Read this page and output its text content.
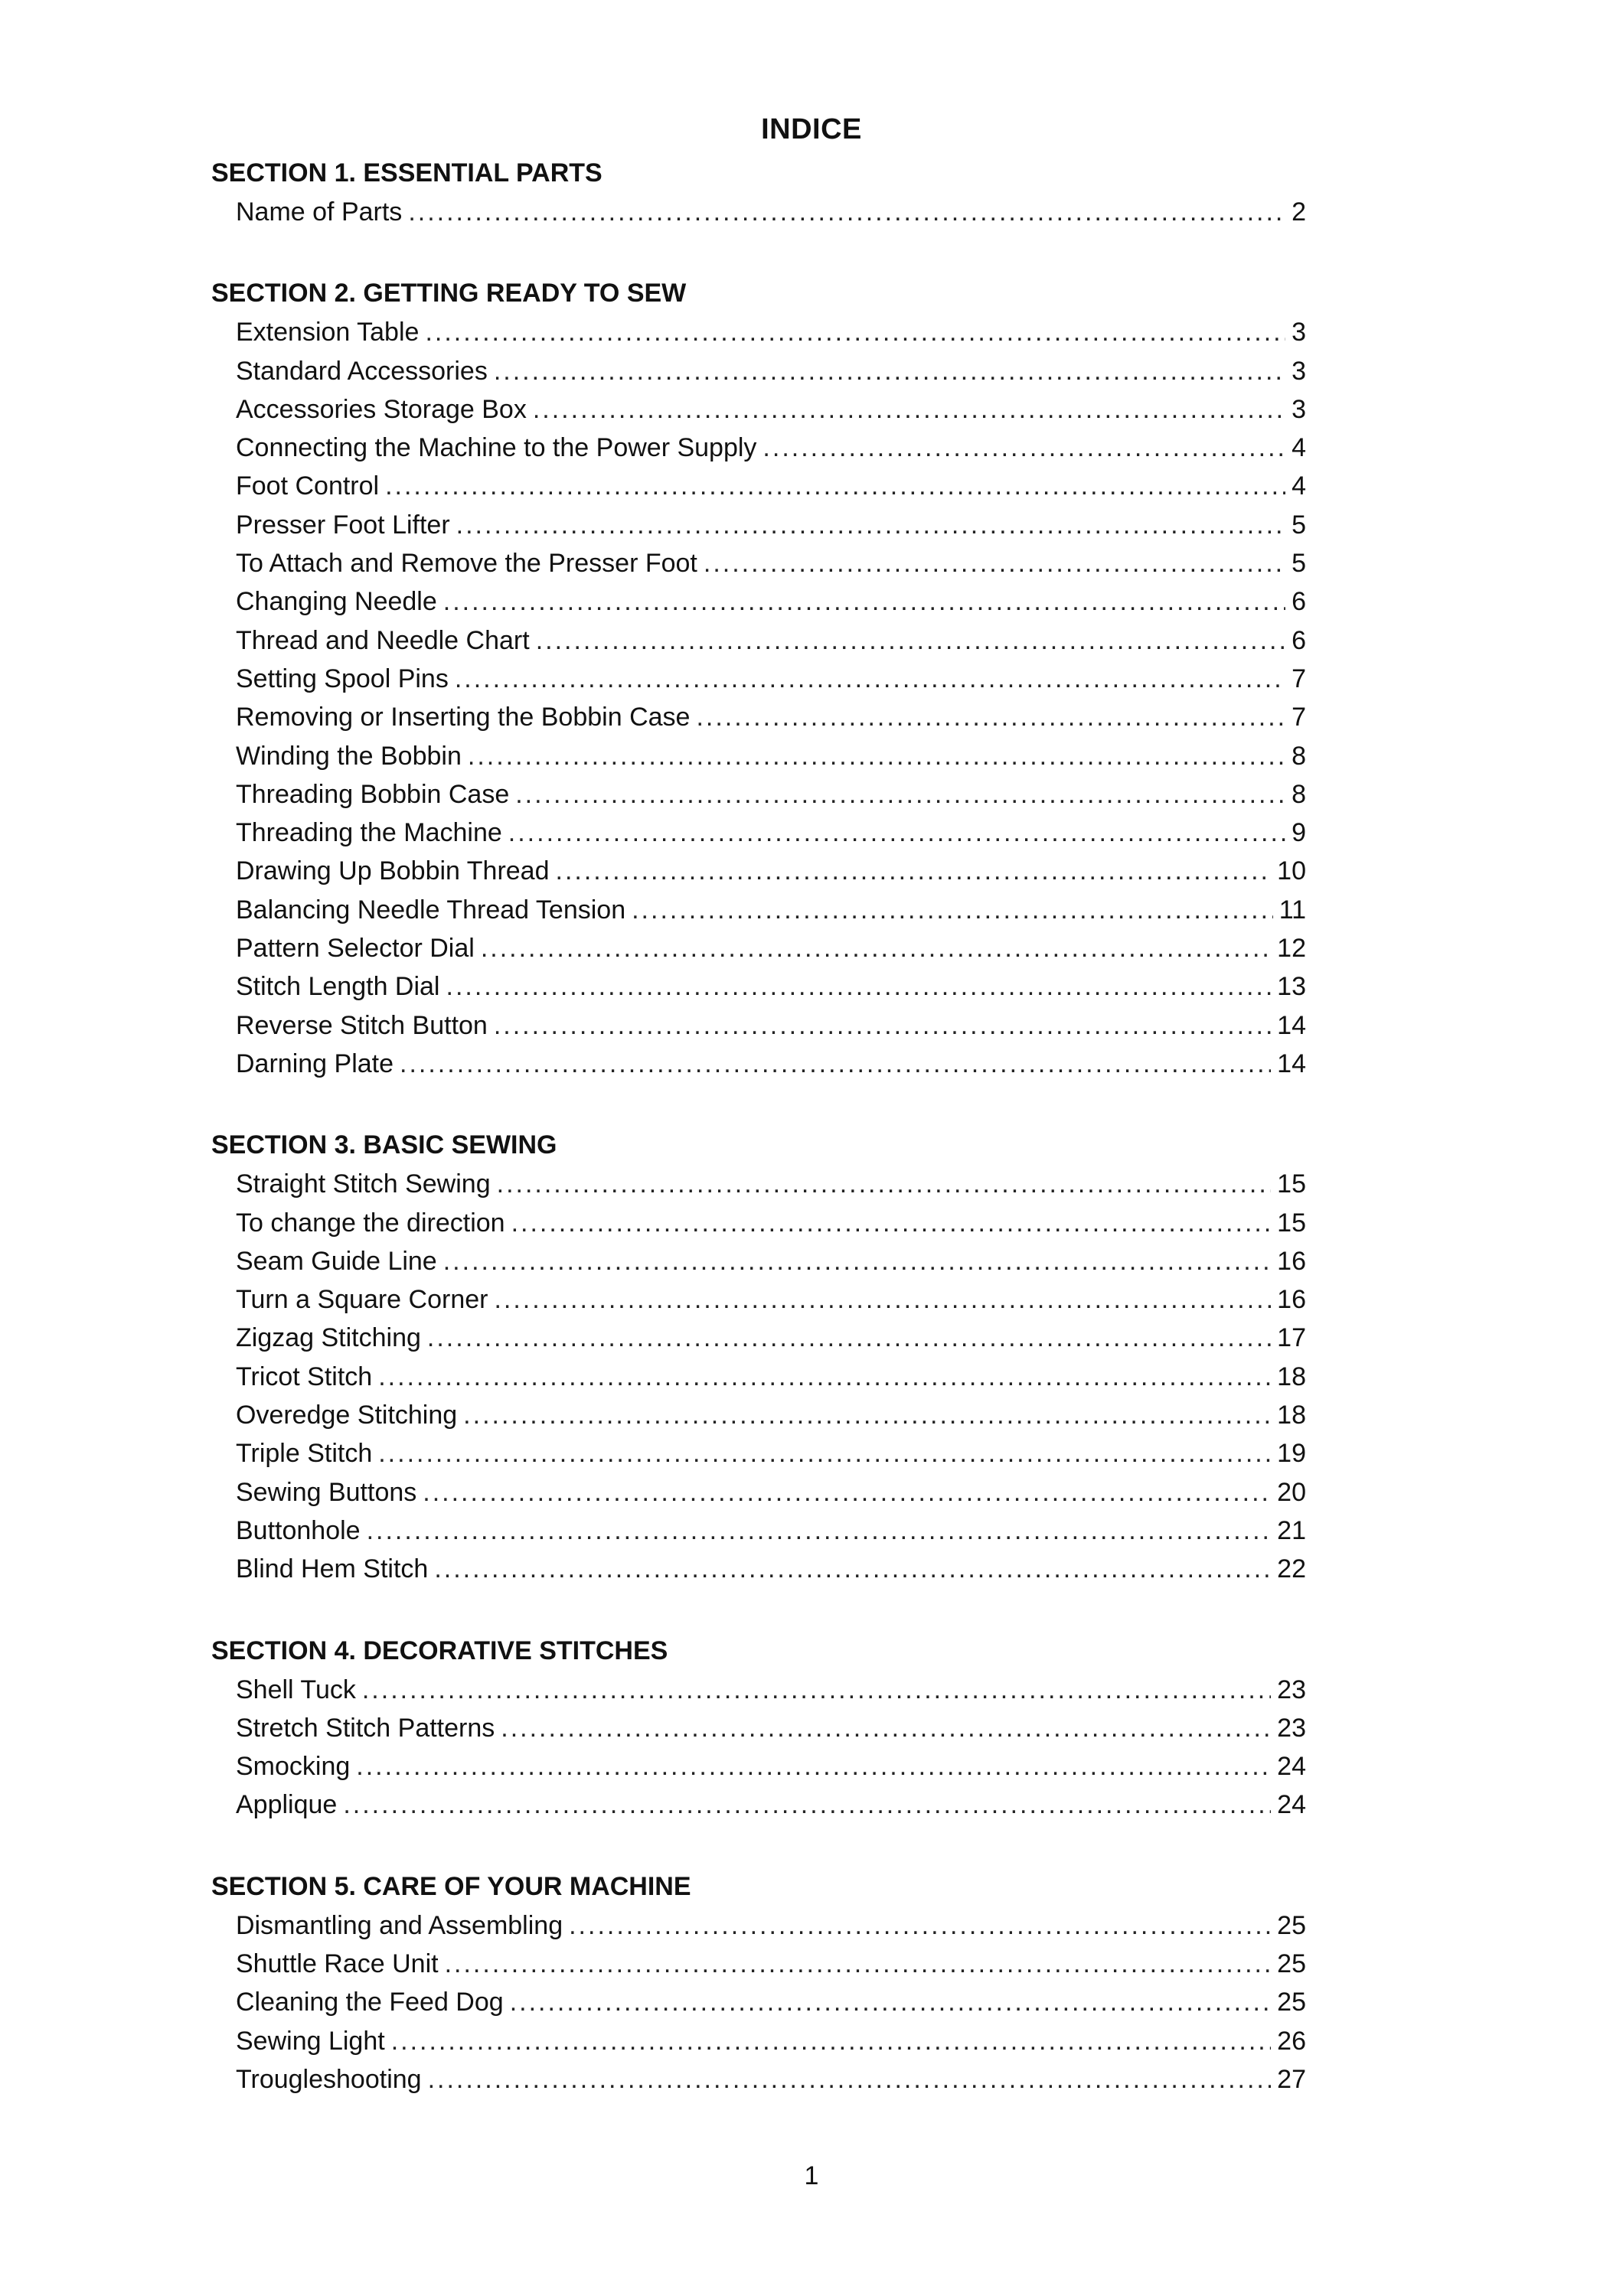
INDICE
SECTION 1. ESSENTIAL PARTS
Name of Parts .....	2
SECTION 2. GETTING READY TO SEW
Extension Table .....	3
Standard Accessories .....	3
Accessories Storage Box .....	3
Connecting the Machine to the Power Supply .....	4
Foot Control .....	4
Presser Foot Lifter .....	5
To Attach and Remove the Presser Foot .....	5
Changing Needle .....	6
Thread and Needle Chart .....	6
Setting Spool Pins .....	7
Removing or Inserting the Bobbin Case .....	7
Winding the Bobbin .....	8
Threading Bobbin Case .....	8
Threading the Machine .....	9
Drawing Up Bobbin Thread .....	10
Balancing Needle Thread Tension .....	11
Pattern Selector Dial .....	12
Stitch Length Dial .....	13
Reverse Stitch Button .....	14
Darning Plate .....	14
SECTION 3. BASIC SEWING
Straight Stitch Sewing .....	15
To change the direction .....	15
Seam Guide Line .....	16
Turn a Square Corner .....	16
Zigzag Stitching .....	17
Tricot Stitch .....	18
Overedge Stitching .....	18
Triple Stitch .....	19
Sewing Buttons .....	20
Buttonhole .....	21
Blind Hem Stitch .....	22
SECTION 4. DECORATIVE STITCHES
Shell Tuck .....	23
Stretch Stitch Patterns .....	23
Smocking .....	24
Applique .....	24
SECTION 5. CARE OF YOUR MACHINE
Dismantling and Assembling .....	25
Shuttle Race Unit .....	25
Cleaning the Feed Dog .....	25
Sewing Light .....	26
Trougleshooting .....	27
1
